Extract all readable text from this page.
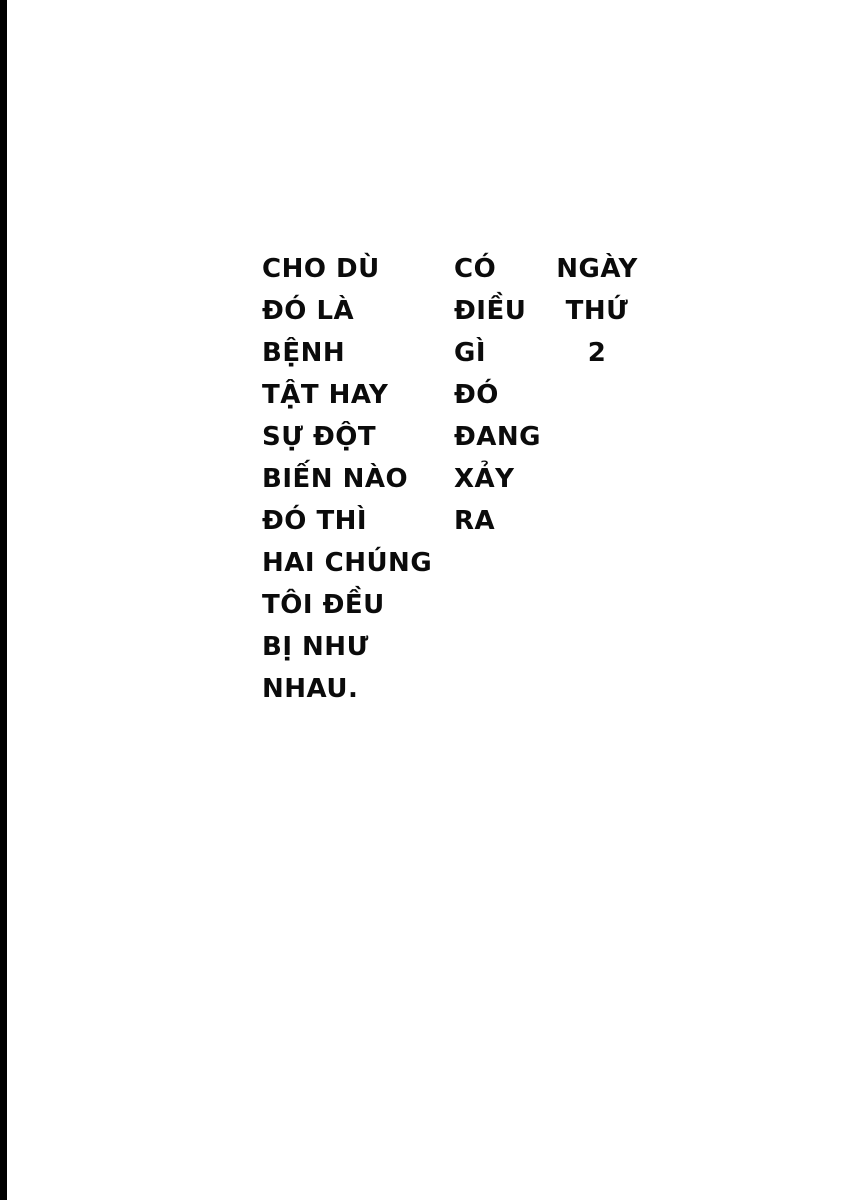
CHO DÙ
ĐÓ LÀ
BỆNH
TẬT HAY
SỰ ĐỘT
BIẾN NÀO
ĐÓ THÌ
HAI CHÚNG
TÔI ĐỀU
BỊ NHƯ
NHAU.
CÓ
ĐIỀU
GÌ
ĐÓ
ĐANG
XẢY
RA
NGÀY
THỨ
2
